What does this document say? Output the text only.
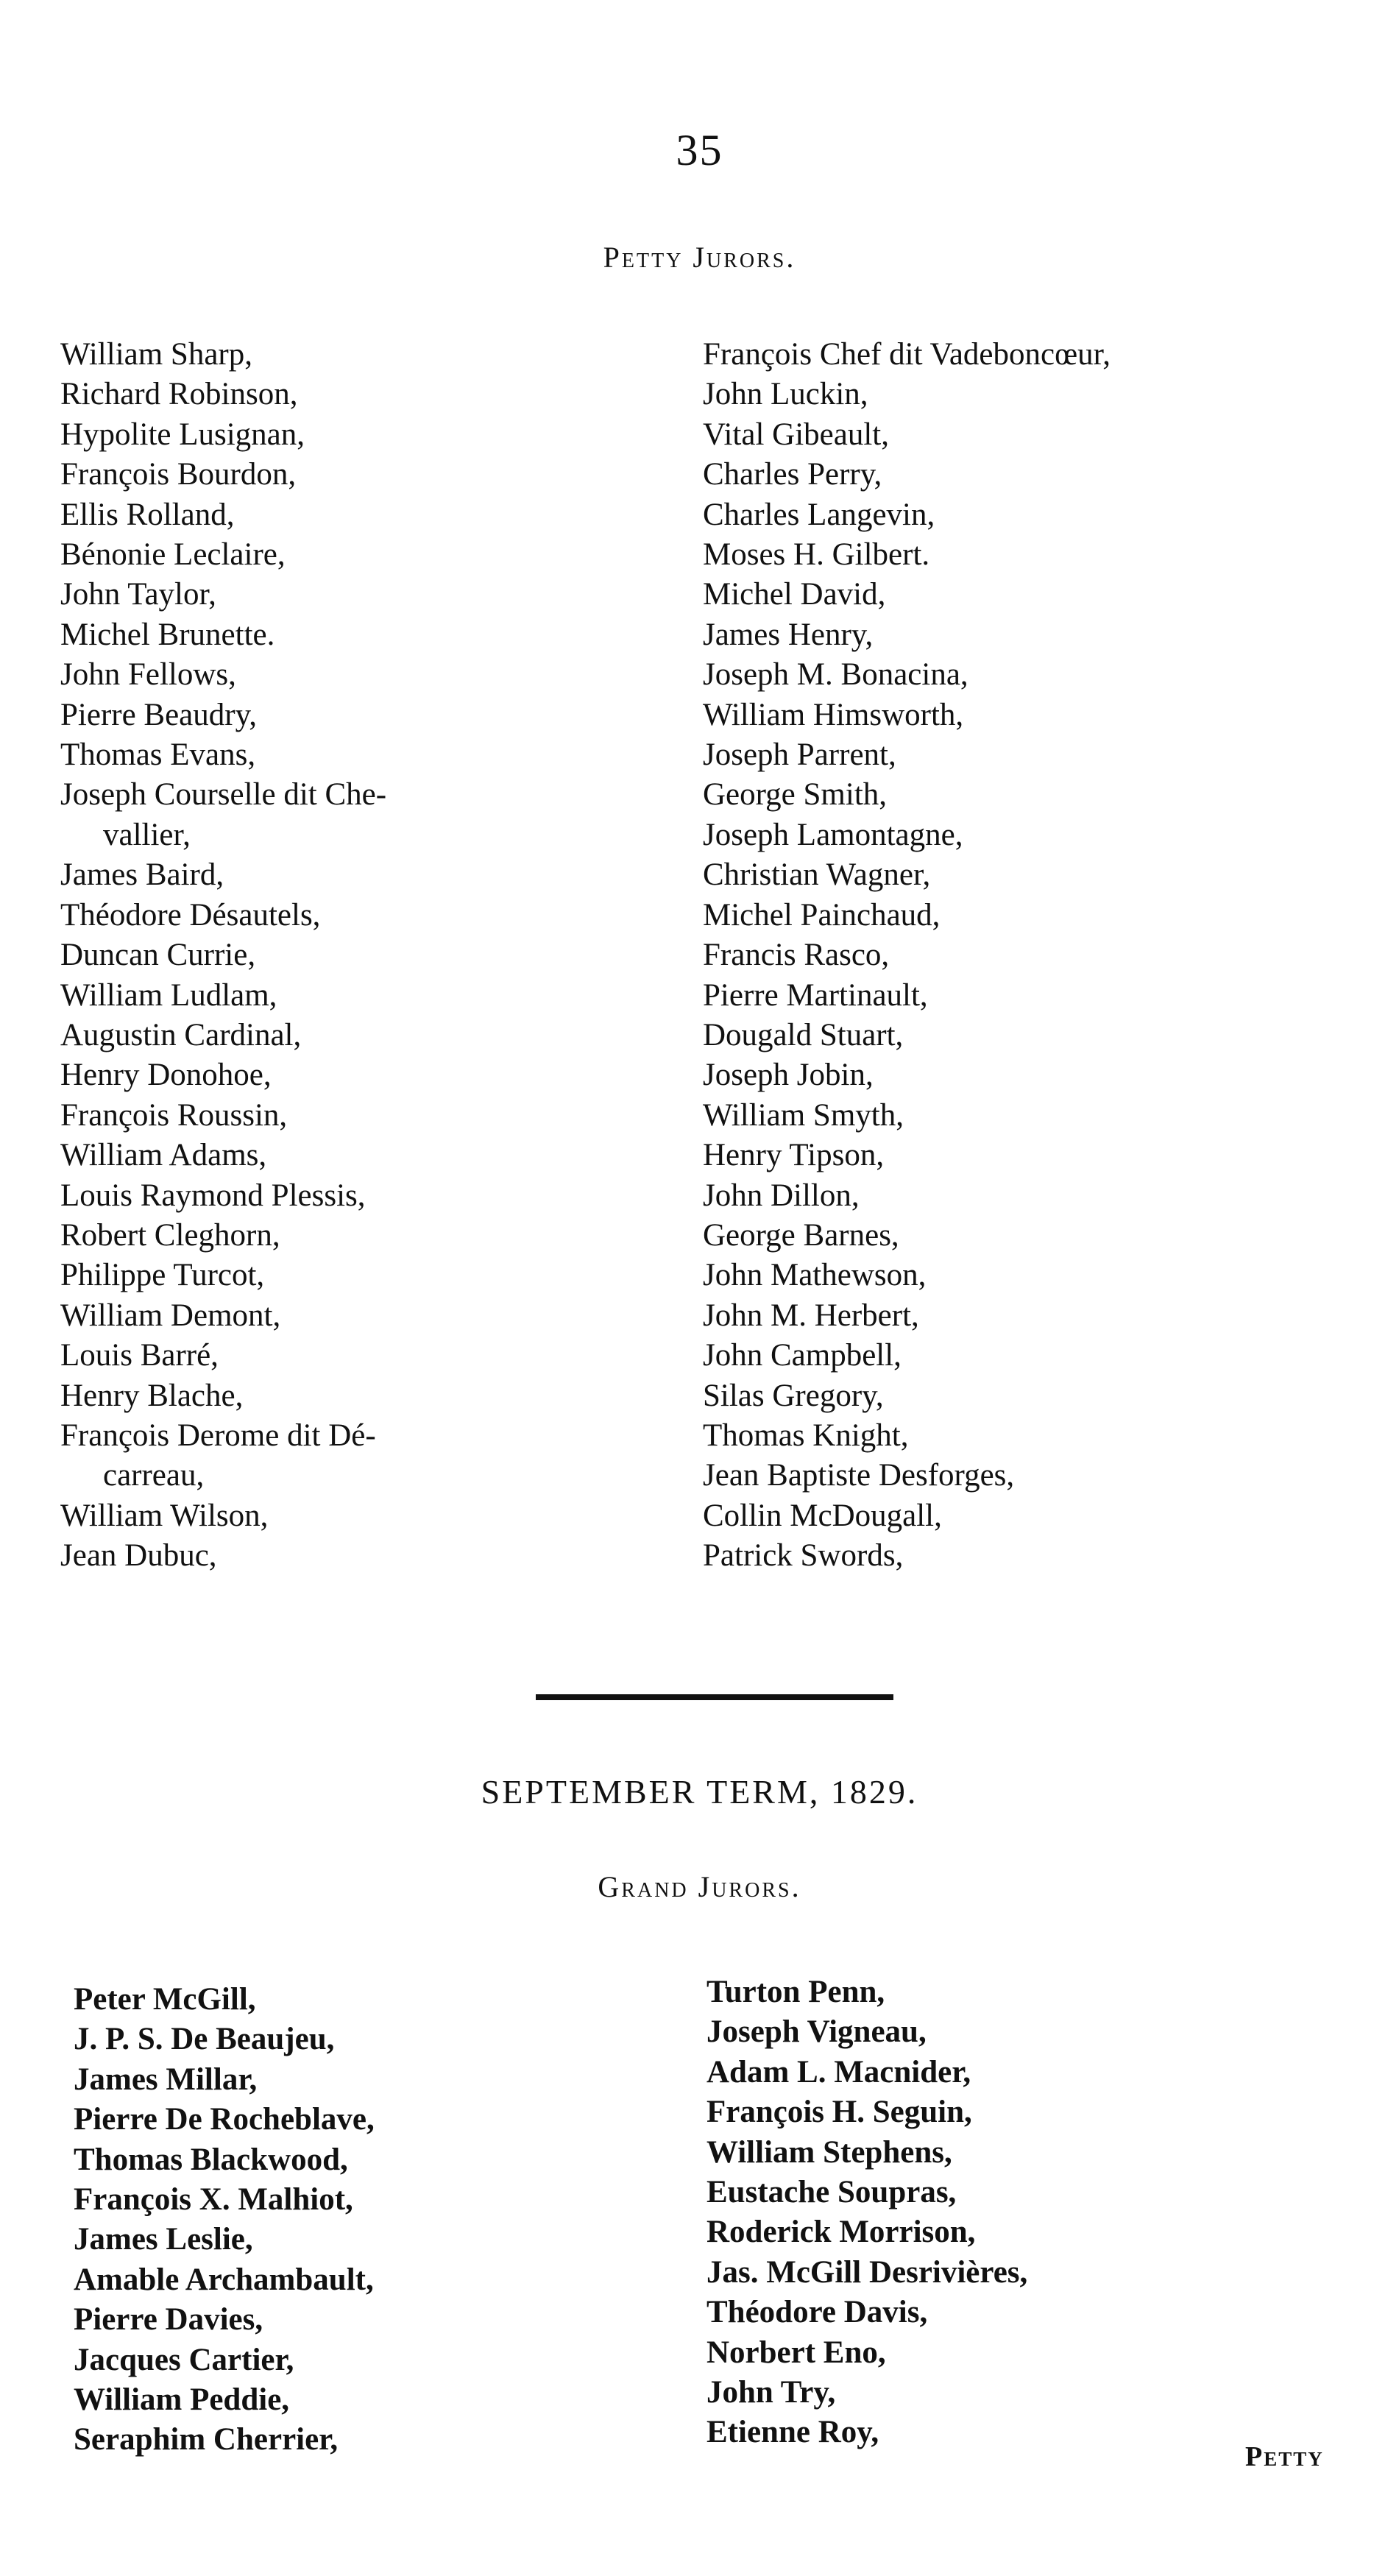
35
Petty Jurors.
William Sharp,
Richard Robinson,
Hypolite Lusignan,
François Bourdon,
Ellis Rolland,
Bénonie Leclaire,
John Taylor,
Michel Brunette.
John Fellows,
Pierre Beaudry,
Thomas Evans,
Joseph Courselle dit Che-
vallier,
James Baird,
Théodore Désautels,
Duncan Currie,
William Ludlam,
Augustin Cardinal,
Henry Donohoe,
François Roussin,
William Adams,
Louis Raymond Plessis,
Robert Cleghorn,
Philippe Turcot,
William Demont,
Louis Barré,
Henry Blache,
François Derome dit Dé-
carreau,
William Wilson,
Jean Dubuc,
François Chef dit Vadeboncœur,
John Luckin,
Vital Gibeault,
Charles Perry,
Charles Langevin,
Moses H. Gilbert.
Michel David,
James Henry,
Joseph M. Bonacina,
William Himsworth,
Joseph Parrent,
George Smith,
Joseph Lamontagne,
Christian Wagner,
Michel Painchaud,
Francis Rasco,
Pierre Martinault,
Dougald Stuart,
Joseph Jobin,
William Smyth,
Henry Tipson,
John Dillon,
George Barnes,
John Mathewson,
John M. Herbert,
John Campbell,
Silas Gregory,
Thomas Knight,
Jean Baptiste Desforges,
Collin McDougall,
Patrick Swords,
SEPTEMBER TERM, 1829.
Grand Jurors.
Peter McGill,
J. P. S. De Beaujeu,
James Millar,
Pierre De Rocheblave,
Thomas Blackwood,
François X. Malhiot,
James Leslie,
Amable Archambault,
Pierre Davies,
Jacques Cartier,
William Peddie,
Seraphim Cherrier,
Turton Penn,
Joseph Vigneau,
Adam L. Macnider,
François H. Seguin,
William Stephens,
Eustache Soupras,
Roderick Morrison,
Jas. McGill Desrivières,
Théodore Davis,
Norbert Eno,
John Try,
Etienne Roy,
Petty
